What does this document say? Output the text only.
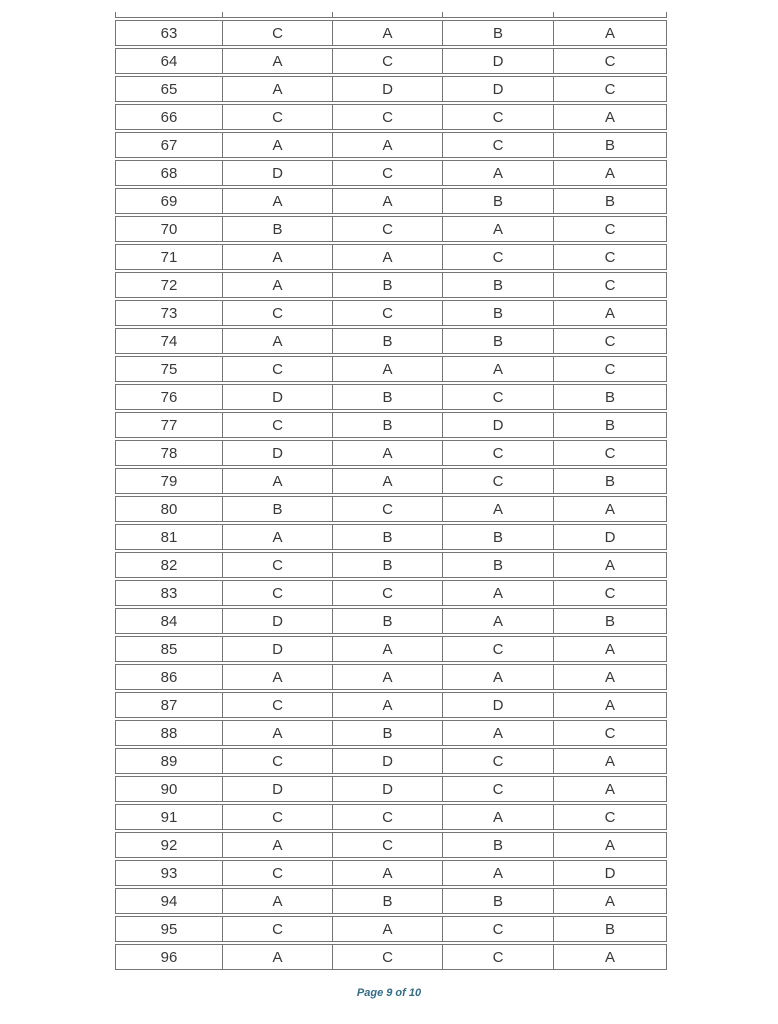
63	C	A	B	A
64	A	C	D	C
65	A	D	D	C
66	C	C	C	A
67	A	A	C	B
68	D	C	A	A
69	A	A	B	B
70	B	C	A	C
71	A	A	C	C
72	A	B	B	C
73	C	C	B	A
74	A	B	B	C
75	C	A	A	C
76	D	B	C	B
77	C	B	D	B
78	D	A	C	C
79	A	A	C	B
80	B	C	A	A
81	A	B	B	D
82	C	B	B	A
83	C	C	A	C
84	D	B	A	B
85	D	A	C	A
86	A	A	A	A
87	C	A	D	A
88	A	B	A	C
89	C	D	C	A
90	D	D	C	A
91	C	C	A	C
92	A	C	B	A
93	C	A	A	D
94	A	B	B	A
95	C	A	C	B
96	A	C	C	A
Page 9 of 10
